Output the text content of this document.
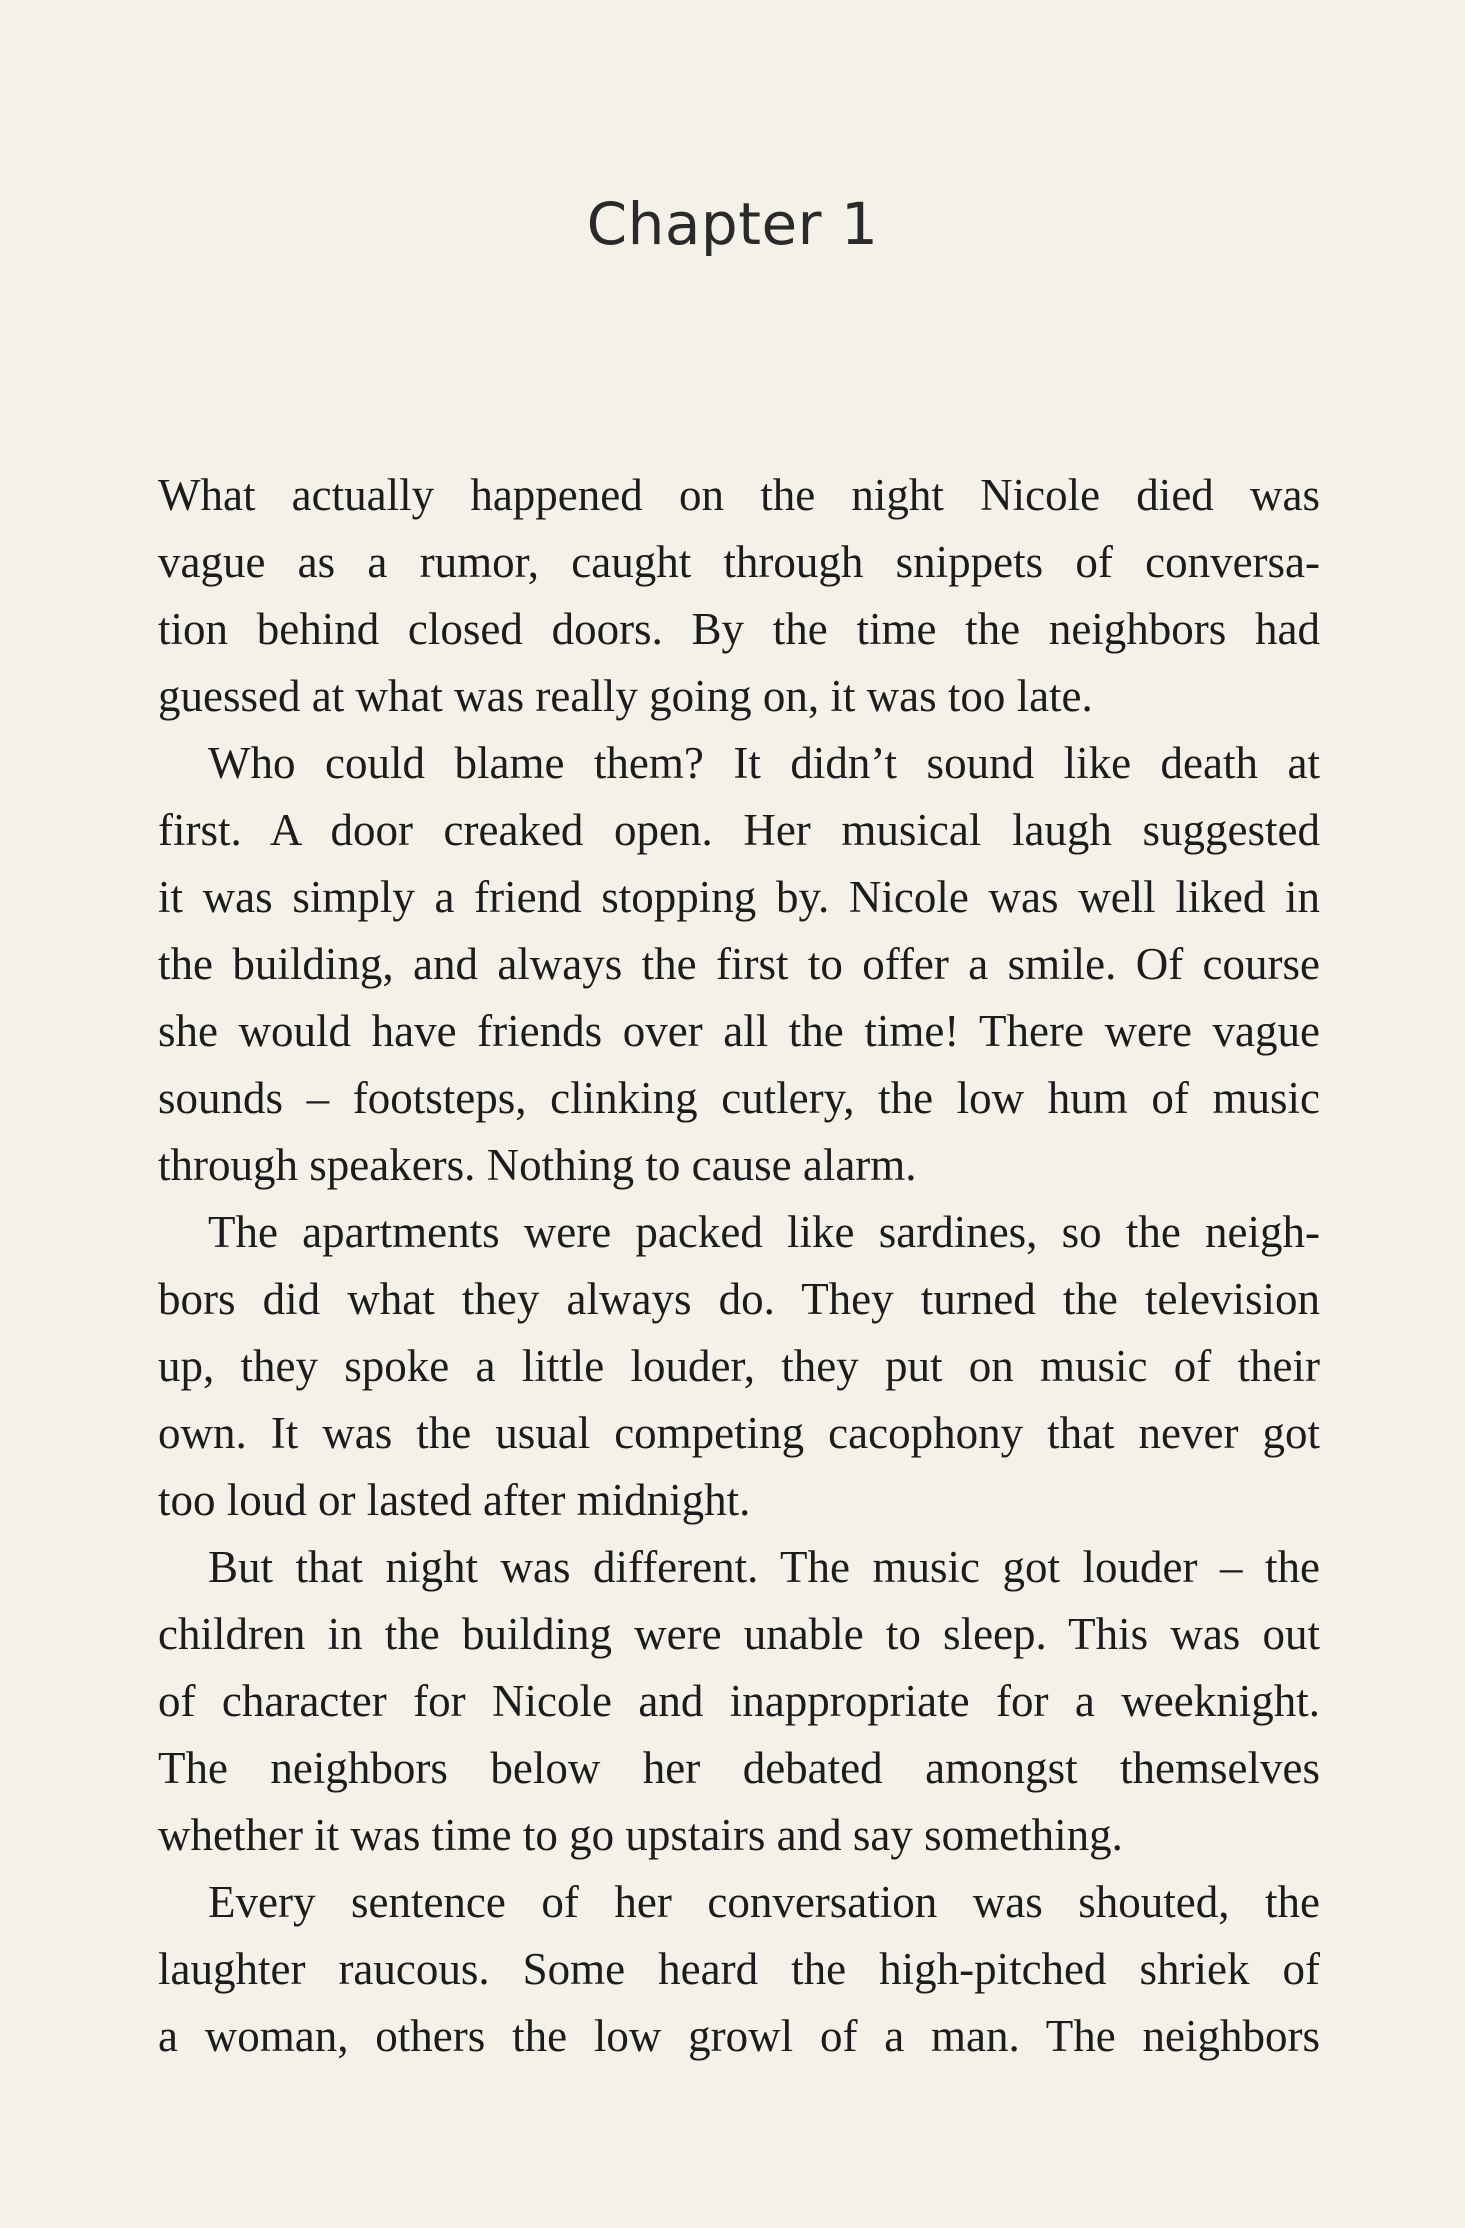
Chapter 1
What actually happened on the night Nicole died was
vague as a rumor, caught through snippets of conversa-
tion behind closed doors. By the time the neighbors had
guessed at what was really going on, it was too late.
Who could blame them? It didn’t sound like death at
first. A door creaked open. Her musical laugh suggested
it was simply a friend stopping by. Nicole was well liked in
the building, and always the first to offer a smile. Of course
she would have friends over all the time! There were vague
sounds – footsteps, clinking cutlery, the low hum of music
through speakers. Nothing to cause alarm.
The apartments were packed like sardines, so the neigh-
bors did what they always do. They turned the television
up, they spoke a little louder, they put on music of their
own. It was the usual competing cacophony that never got
too loud or lasted after midnight.
But that night was different. The music got louder – the
children in the building were unable to sleep. This was out
of character for Nicole and inappropriate for a weeknight.
The neighbors below her debated amongst themselves
whether it was time to go upstairs and say something.
Every sentence of her conversation was shouted, the
laughter raucous. Some heard the high-pitched shriek of
a woman, others the low growl of a man. The neighbors
